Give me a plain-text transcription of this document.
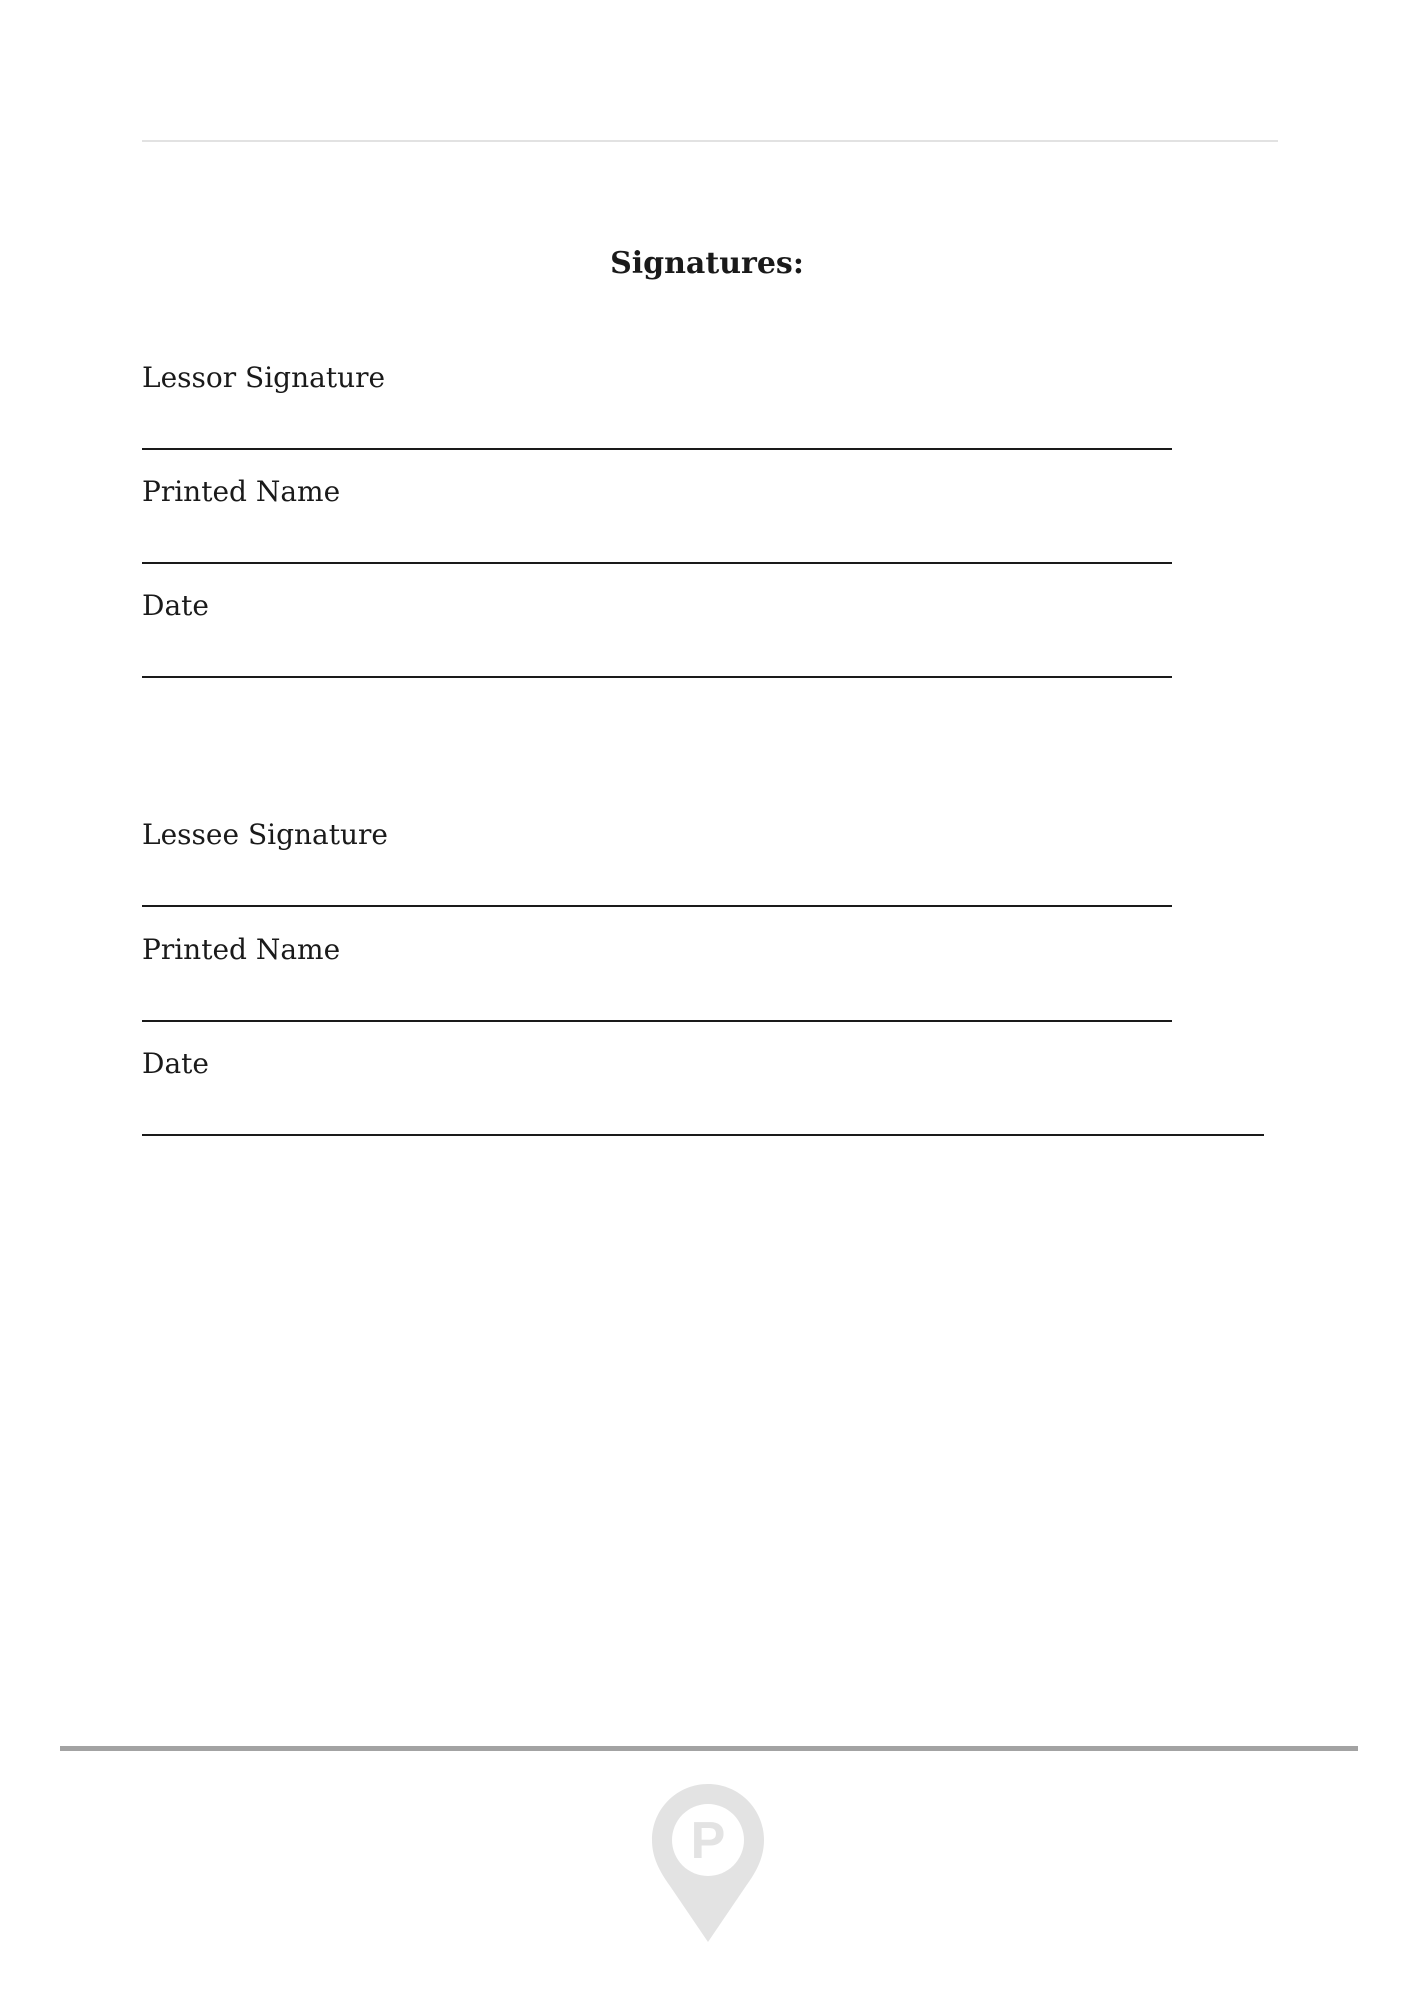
Signatures:
Lessor Signature
Printed Name
Date
Lessee Signature
Printed Name
Date
P
